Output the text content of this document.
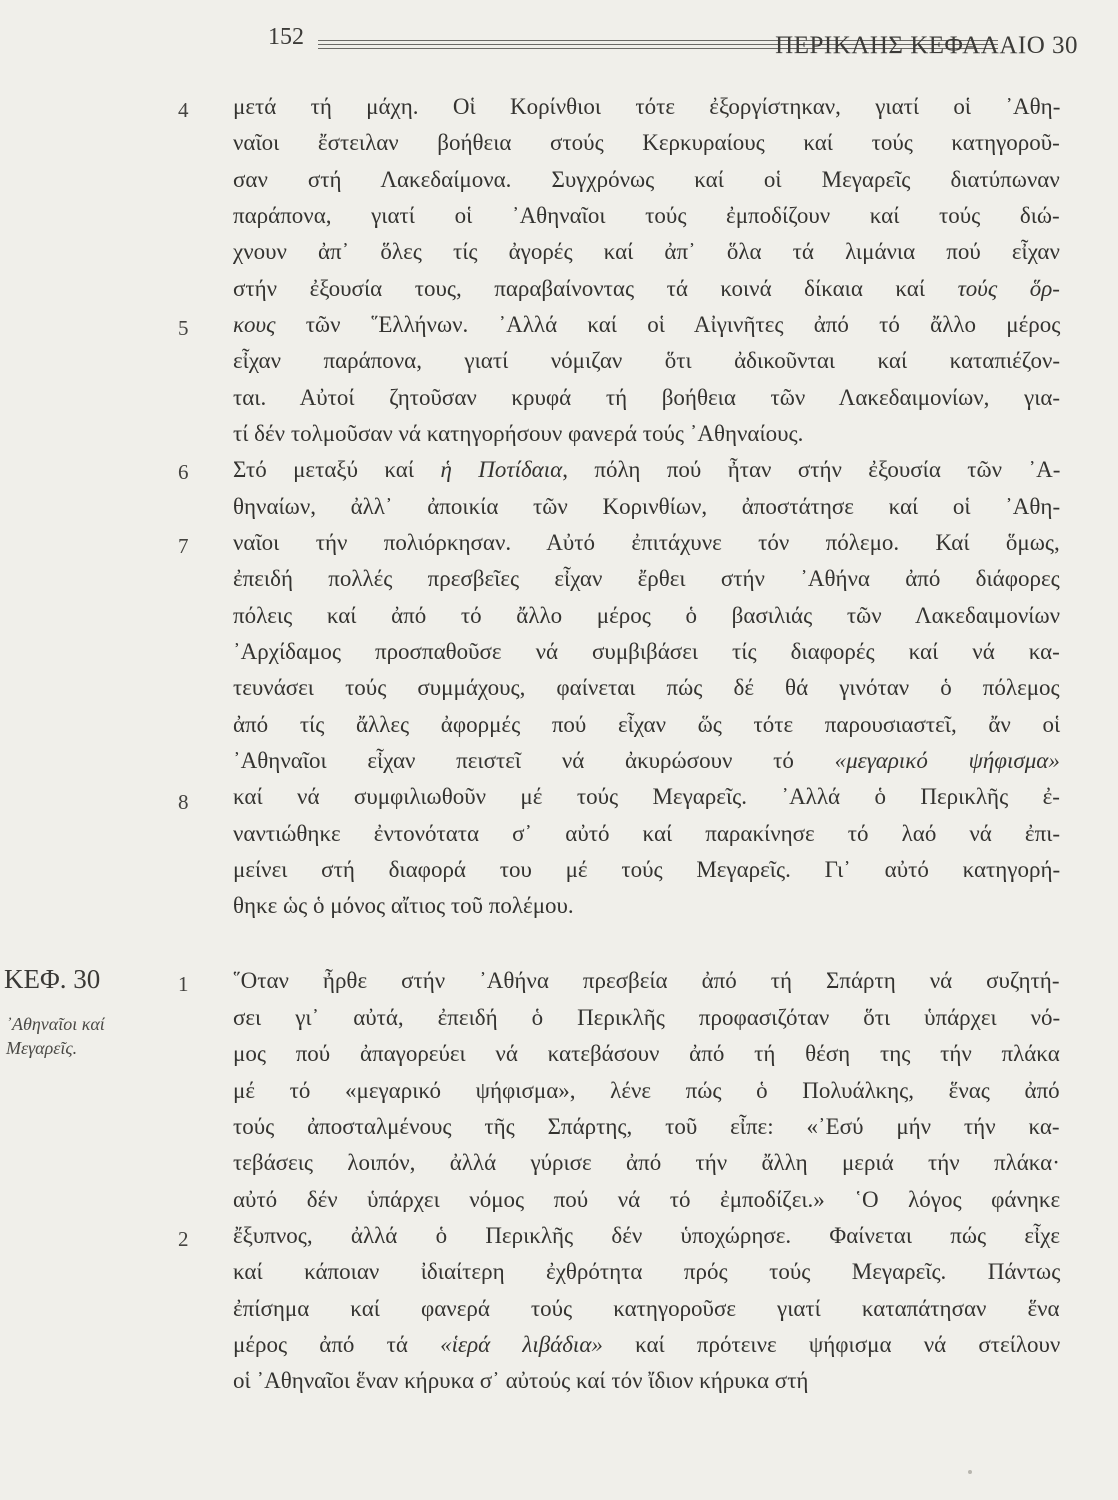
152	ΠΕΡΙΚΛΗΣ ΚΕΦΑΛΑΙΟ 30
4
5
6
7
8
1
2
ΚΕΦ. 30
᾿Αθηναῖοι καί
Μεγαρεῖς.
μετά τή μάχη. Οἱ Κορίνθιοι τότε ἐξοργίστηκαν, γιατί οἱ ᾿Αθη-
ναῖοι ἔστειλαν βοήθεια στούς Κερκυραίους καί τούς κατηγοροῦ-
σαν στή Λακεδαίμονα. Συγχρόνως καί οἱ Μεγαρεῖς διατύπωναν
παράπονα, γιατί οἱ ᾿Αθηναῖοι τούς ἐμποδίζουν καί τούς διώ-
χνουν ἀπ᾿ ὅλες τίς ἀγορές καί ἀπ᾿ ὅλα τά λιμάνια πού εἶχαν
στήν ἐξουσία τους, παραβαίνοντας τά κοινά δίκαια καί τούς ὅρ-
κους τῶν ῞Ελλήνων. ᾿Αλλά καί οἱ Αἰγινῆτες ἀπό τό ἄλλο μέρος
εἶχαν παράπονα, γιατί νόμιζαν ὅτι ἀδικοῦνται καί καταπιέζον-
ται. Αὐτοί ζητοῦσαν κρυφά τή βοήθεια τῶν Λακεδαιμονίων, για-
τί δέν τολμοῦσαν νά κατηγορήσουν φανερά τούς ᾿Αθηναίους.
Στό μεταξύ καί ἡ Ποτίδαια, πόλη πού ἦταν στήν ἐξουσία τῶν ᾿Α-
θηναίων, ἀλλ᾿ ἀποικία τῶν Κορινθίων, ἀποστάτησε καί οἱ ᾿Αθη-
ναῖοι τήν πολιόρκησαν. Αὐτό ἐπιτάχυνε τόν πόλεμο. Καί ὅμως,
ἐπειδή πολλές πρεσβεῖες εἶχαν ἔρθει στήν ᾿Αθήνα ἀπό διάφορες
πόλεις καί ἀπό τό ἄλλο μέρος ὁ βασιλιάς τῶν Λακεδαιμονίων
᾿Αρχίδαμος προσπαθοῦσε νά συμβιβάσει τίς διαφορές καί νά κα-
τευνάσει τούς συμμάχους, φαίνεται πώς δέ θά γινόταν ὁ πόλεμος
ἀπό τίς ἄλλες ἀφορμές πού εἶχαν ὥς τότε παρουσιαστεῖ, ἄν οἱ
᾿Αθηναῖοι εἶχαν πειστεῖ νά ἀκυρώσουν τό «μεγαρικό ψήφισμα»
καί νά συμφιλιωθοῦν μέ τούς Μεγαρεῖς. ᾿Αλλά ὁ Περικλῆς ἐ-
ναντιώθηκε ἐντονότατα σ᾿ αὐτό καί παρακίνησε τό λαό νά ἐπι-
μείνει στή διαφορά του μέ τούς Μεγαρεῖς. Γι᾿ αὐτό κατηγορή-
θηκε ὡς ὁ μόνος αἴτιος τοῦ πολέμου.
῞Οταν ἦρθε στήν ᾿Αθήνα πρεσβεία ἀπό τή Σπάρτη νά συζητή-
σει γι᾿ αὐτά, ἐπειδή ὁ Περικλῆς προφασιζόταν ὅτι ὑπάρχει νό-
μος πού ἀπαγορεύει νά κατεβάσουν ἀπό τή θέση της τήν πλάκα
μέ τό «μεγαρικό ψήφισμα», λένε πώς ὁ Πολυάλκης, ἕνας ἀπό
τούς ἀποσταλμένους τῆς Σπάρτης, τοῦ εἶπε: «᾿Εσύ μήν τήν κα-
τεβάσεις λοιπόν, ἀλλά γύρισε ἀπό τήν ἄλλη μεριά τήν πλάκα·
αὐτό δέν ὑπάρχει νόμος πού νά τό ἐμποδίζει.» ῾Ο λόγος φάνηκε
ἔξυπνος, ἀλλά ὁ Περικλῆς δέν ὑποχώρησε. Φαίνεται πώς εἶχε
καί κάποιαν ἰδιαίτερη ἐχθρότητα πρός τούς Μεγαρεῖς. Πάντως
ἐπίσημα καί φανερά τούς κατηγοροῦσε γιατί καταπάτησαν ἕνα
μέρος ἀπό τά «ἱερά λιβάδια» καί πρότεινε ψήφισμα νά στείλουν
οἱ ᾿Αθηναῖοι ἕναν κήρυκα σ᾿ αὐτούς καί τόν ἴδιον κήρυκα στή
